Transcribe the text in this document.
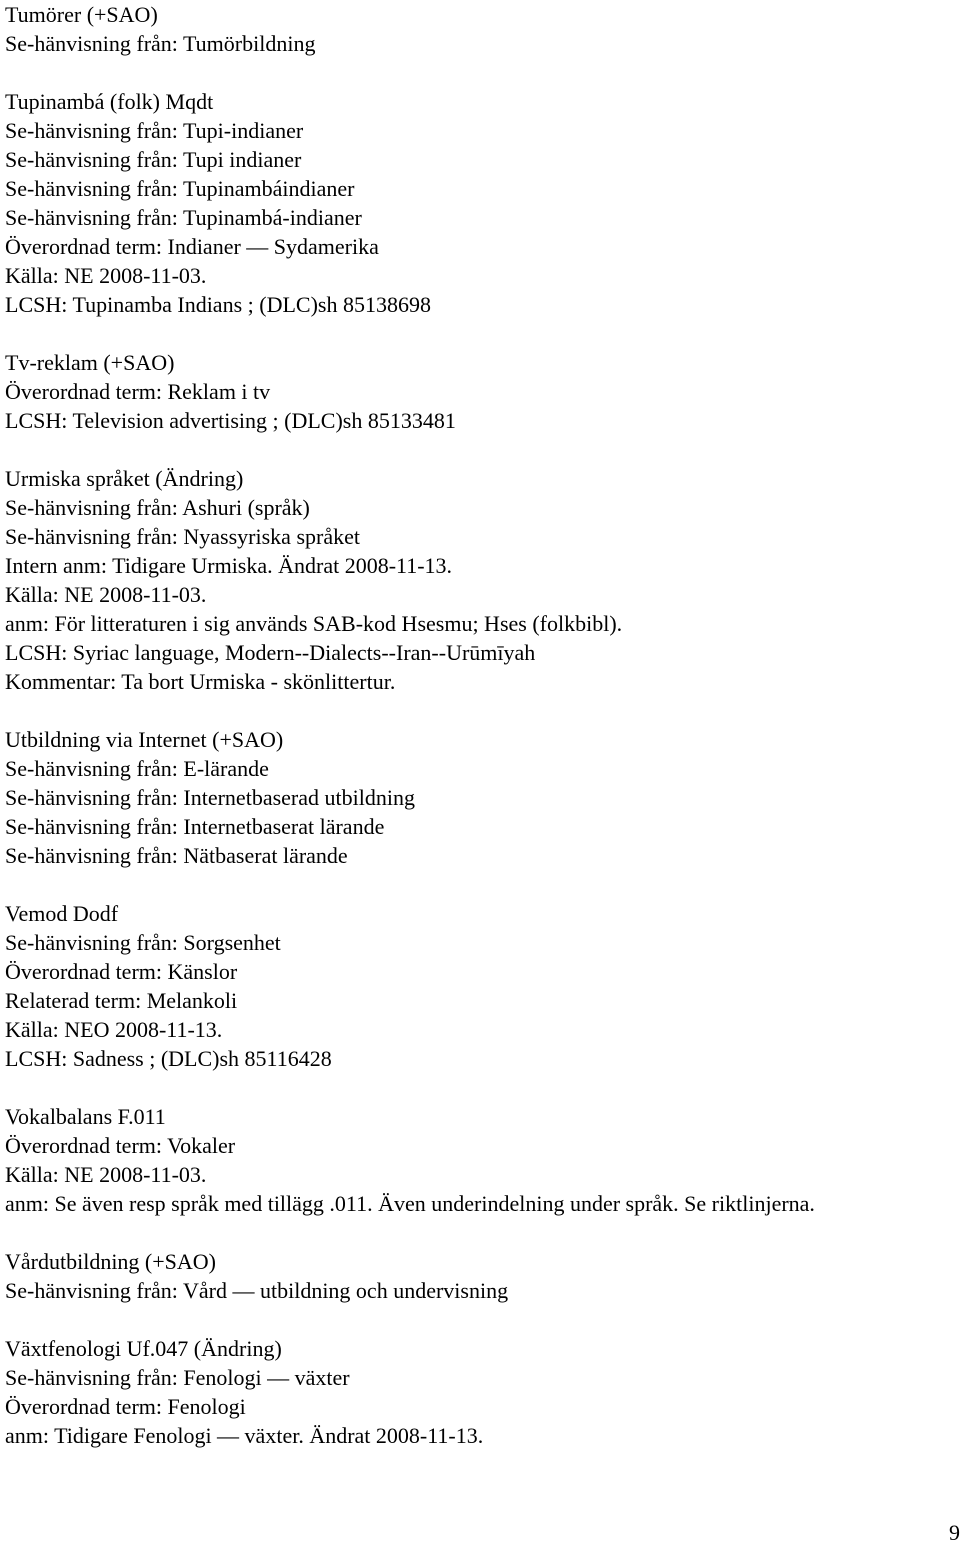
Tumörer (+SAO)
Se-hänvisning från: Tumörbildning
Tupinambá (folk) Mqdt
Se-hänvisning från: Tupi-indianer
Se-hänvisning från: Tupi indianer
Se-hänvisning från: Tupinambáindianer
Se-hänvisning från: Tupinambá-indianer
Överordnad term: Indianer — Sydamerika
Källa: NE 2008-11-03.
LCSH: Tupinamba Indians ; (DLC)sh 85138698
Tv-reklam (+SAO)
Överordnad term: Reklam i tv
LCSH: Television advertising ; (DLC)sh 85133481
Urmiska språket (Ändring)
Se-hänvisning från: Ashuri (språk)
Se-hänvisning från: Nyassyriska språket
Intern anm: Tidigare Urmiska. Ändrat 2008-11-13.
Källa: NE 2008-11-03.
anm: För litteraturen i sig används SAB-kod Hsesmu; Hses (folkbibl).
LCSH: Syriac language, Modern--Dialects--Iran--Urūmīyah
Kommentar: Ta bort Urmiska - skönlittertur.
Utbildning via Internet (+SAO)
Se-hänvisning från: E-lärande
Se-hänvisning från: Internetbaserad utbildning
Se-hänvisning från: Internetbaserat lärande
Se-hänvisning från: Nätbaserat lärande
Vemod Dodf
Se-hänvisning från: Sorgsenhet
Överordnad term: Känslor
Relaterad term: Melankoli
Källa: NEO 2008-11-13.
LCSH: Sadness ; (DLC)sh 85116428
Vokalbalans F.011
Överordnad term: Vokaler
Källa: NE 2008-11-03.
anm: Se även resp språk med tillägg .011. Även underindelning under språk. Se riktlinjerna.
Vårdutbildning (+SAO)
Se-hänvisning från: Vård — utbildning och undervisning
Växtfenologi Uf.047 (Ändring)
Se-hänvisning från: Fenologi — växter
Överordnad term: Fenologi
anm: Tidigare Fenologi — växter. Ändrat 2008-11-13.
9
